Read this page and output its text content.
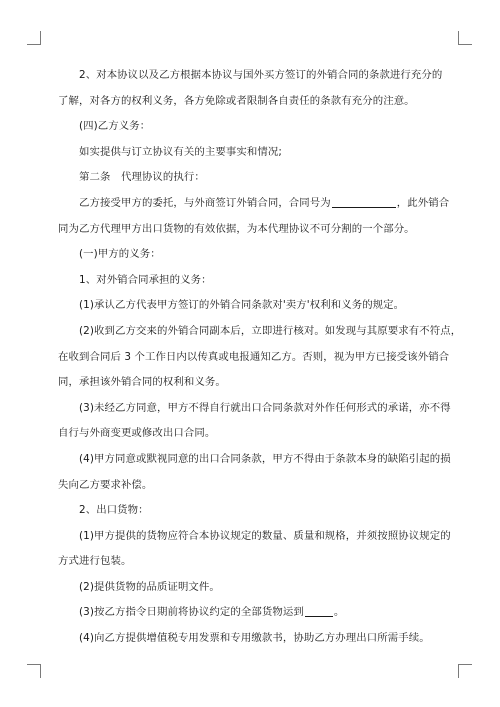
2、对本协议以及乙方根据本协议与国外买方签订的外销合同的条款进行充分的
了解，对各方的权利义务，各方免除或者限制各自责任的条款有充分的注意。
(四)乙方义务：
如实提供与订立协议有关的主要事实和情况;
第二条　代理协议的执行：
乙方接受甲方的委托，与外商签订外销合同，合同号为	，此外销合
同为乙方代理甲方出口货物的有效依据，为本代理协议不可分割的一个部分。
(一)甲方的义务：
1、对外销合同承担的义务：
(1)承认乙方代表甲方签订的外销合同条款对'卖方'权利和义务的规定。
(2)收到乙方交来的外销合同副本后，立即进行核对。如发现与其原要求有不符点，
在收到合同后 3 个工作日内以传真或电报通知乙方。否则，视为甲方已接受该外销合
同，承担该外销合同的权利和义务。
(3)未经乙方同意，甲方不得自行就出口合同条款对外作任何形式的承诺，亦不得
自行与外商变更或修改出口合同。
(4)甲方同意或默视同意的出口合同条款，甲方不得由于条款本身的缺陷引起的损
失向乙方要求补偿。
2、出口货物：
(1)甲方提供的货物应符合本协议规定的数量、质量和规格，并须按照协议规定的
方式进行包装。
(2)提供货物的品质证明文件。
(3)按乙方指令日期前将协议约定的全部货物运到	。
(4)向乙方提供增值税专用发票和专用缴款书，协助乙方办理出口所需手续。
